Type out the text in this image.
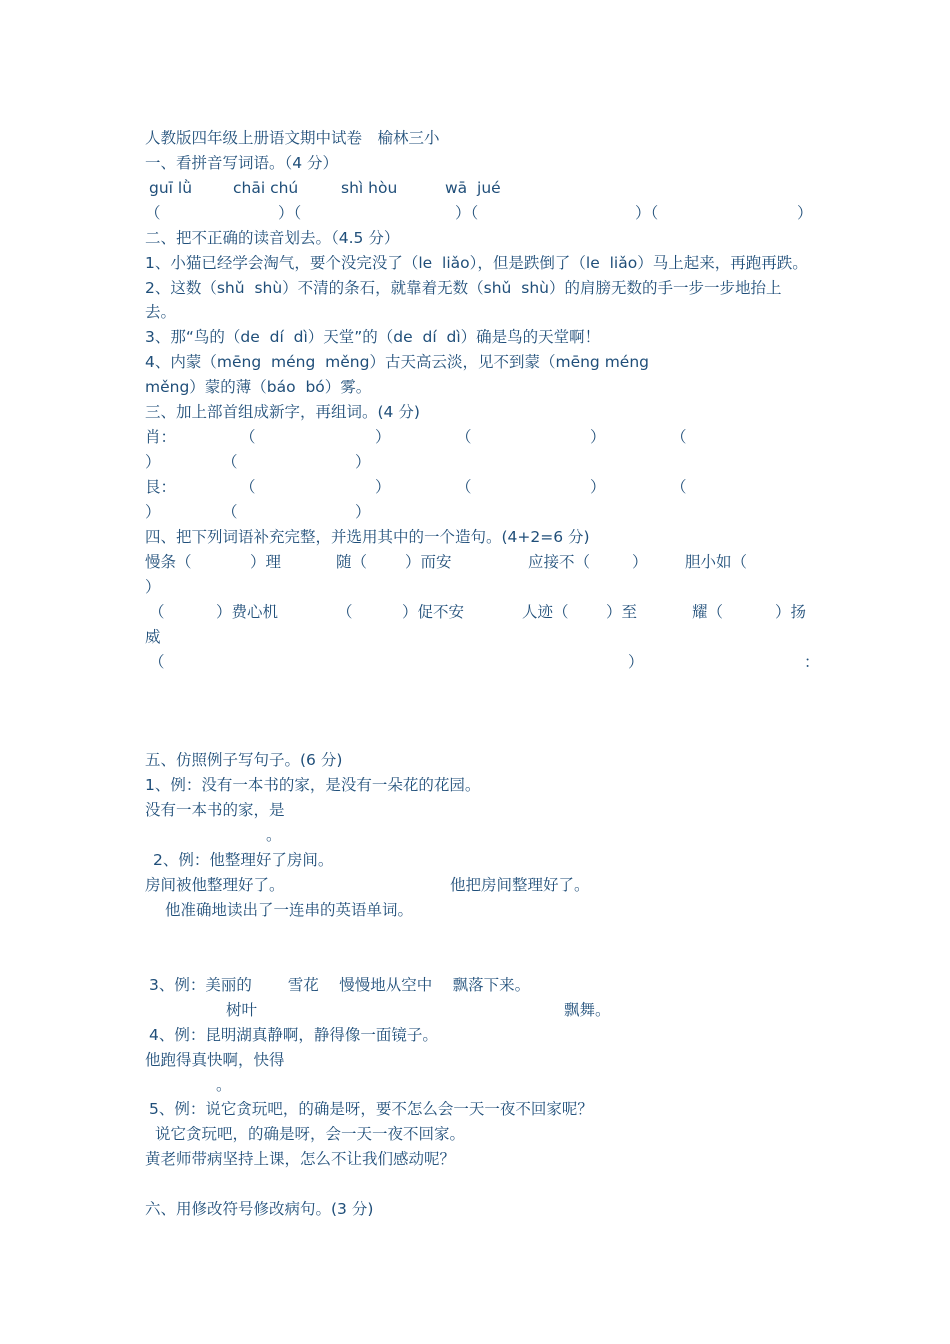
人教版四年级上册语文期中试卷　榆林三小
一、看拼音写词语。（4 分）
guī lǜ	chāi chú	shì hòu	wā  jué
（	）（	）（	）（	）
二、把不正确的读音划去。（4.5 分）
1、小猫已经学会淘气，要个没完没了（le  liǎo），但是跌倒了（le  liǎo）马上起来，再跑再跌。
2、这数（shǔ  shù）不清的条石，就靠着无数（shǔ  shù）的肩膀无数的手一步一步地抬上
去。
3、那“鸟的（de  dí  dì）天堂”的（de  dí  dì）确是鸟的天堂啊！
4、内蒙（mēng  méng  měng）古天高云淡，见不到蒙（mēng méng
měng）蒙的薄（báo  bó）雾。
三、加上部首组成新字，再组词。(4 分)
肖：	（	）	（	）	（
）	（	）
艮：	（	）	（	）	（
）	（	）
四、把下列词语补充完整，并选用其中的一个造句。(4+2=6 分)
慢条（	）理	随（ ）而安	应接不（	） 胆小如（
）
（	）费心机	（	）促不安	人迹（ ）至	耀（	）扬
威
（	）	：
五、仿照例子写句子。(6 分)
1、例：没有一本书的家，是没有一朵花的花园。
没有一本书的家，是
。
2、例：他整理好了房间。
房间被他整理好了。	他把房间整理好了。
他准确地读出了一连串的英语单词。
3、例：美丽的　　 雪花　 慢慢地从空中　 飘落下来。
树叶	飘舞。
4、例：昆明湖真静啊，静得像一面镜子。
他跑得真快啊，快得
。
5、例：说它贪玩吧，的确是呀，要不怎么会一天一夜不回家呢？
说它贪玩吧，的确是呀，会一天一夜不回家。
黄老师带病坚持上课，怎么不让我们感动呢？
六、用修改符号修改病句。(3 分)
